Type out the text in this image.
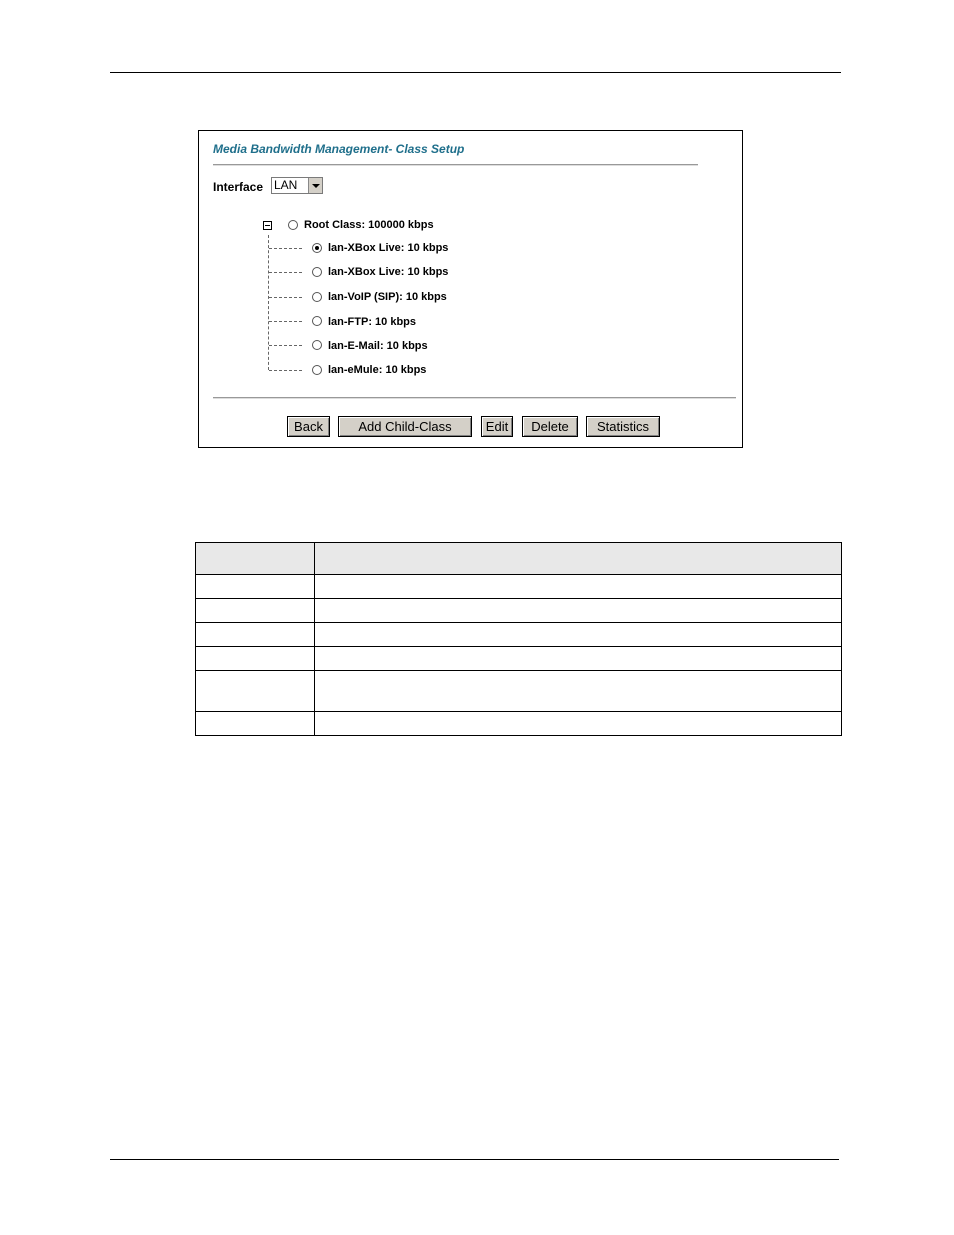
Media Bandwidth Management- Class Setup
Interface LAN
Root Class: 100000 kbps
lan-XBox Live: 10 kbps
lan-XBox Live: 10 kbps
lan-VoIP (SIP): 10 kbps
lan-FTP: 10 kbps
lan-E-Mail: 10 kbps
lan-eMule: 10 kbps
Back	Add Child-Class	Edit	Delete	Statistics
